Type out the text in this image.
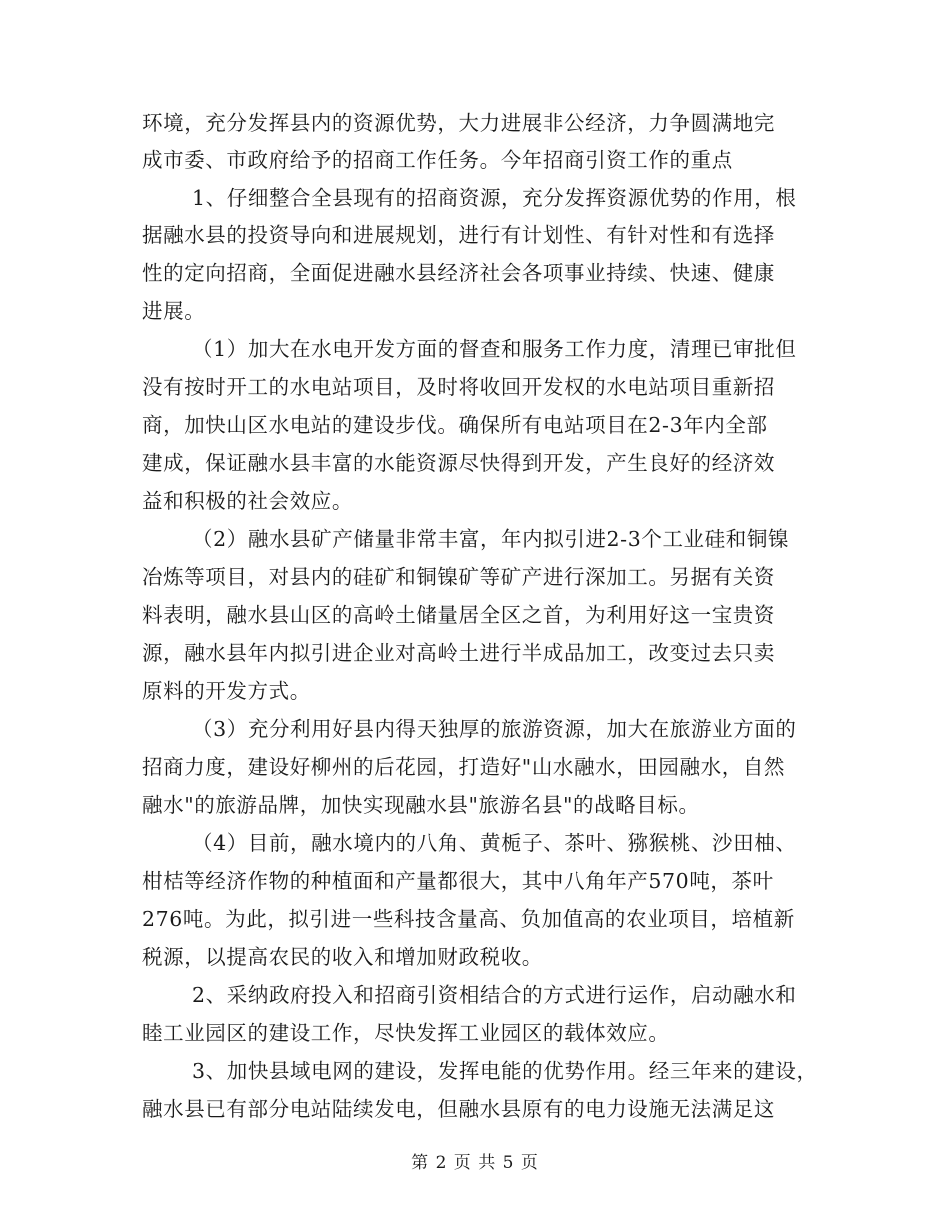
环境，充分发挥县内的资源优势，大力进展非公经济，力争圆满地完
成市委、市政府给予的招商工作任务。今年招商引资工作的重点
1、仔细整合全县现有的招商资源，充分发挥资源优势的作用，根
据融水县的投资导向和进展规划，进行有计划性、有针对性和有选择
性的定向招商，全面促进融水县经济社会各项事业持续、快速、健康
进展。
（1）加大在水电开发方面的督查和服务工作力度，清理已审批但
没有按时开工的水电站项目，及时将收回开发权的水电站项目重新招
商，加快山区水电站的建设步伐。确保所有电站项目在2-3年内全部
建成，保证融水县丰富的水能资源尽快得到开发，产生良好的经济效
益和积极的社会效应。
（2）融水县矿产储量非常丰富，年内拟引进2-3个工业硅和铜镍
冶炼等项目，对县内的硅矿和铜镍矿等矿产进行深加工。另据有关资
料表明，融水县山区的高岭土储量居全区之首，为利用好这一宝贵资
源，融水县年内拟引进企业对高岭土进行半成品加工，改变过去只卖
原料的开发方式。
（3）充分利用好县内得天独厚的旅游资源，加大在旅游业方面的
招商力度，建设好柳州的后花园，打造好"山水融水，田园融水，自然
融水"的旅游品牌，加快实现融水县"旅游名县"的战略目标。
（4）目前，融水境内的八角、黄栀子、茶叶、猕猴桃、沙田柚、
柑桔等经济作物的种植面和产量都很大，其中八角年产570吨，茶叶
276吨。为此，拟引进一些科技含量高、负加值高的农业项目，培植新
税源，以提高农民的收入和增加财政税收。
2、采纳政府投入和招商引资相结合的方式进行运作，启动融水和
睦工业园区的建设工作，尽快发挥工业园区的载体效应。
3、加快县域电网的建设，发挥电能的优势作用。经三年来的建设，
融水县已有部分电站陆续发电，但融水县原有的电力设施无法满足这
第 2 页 共 5 页
